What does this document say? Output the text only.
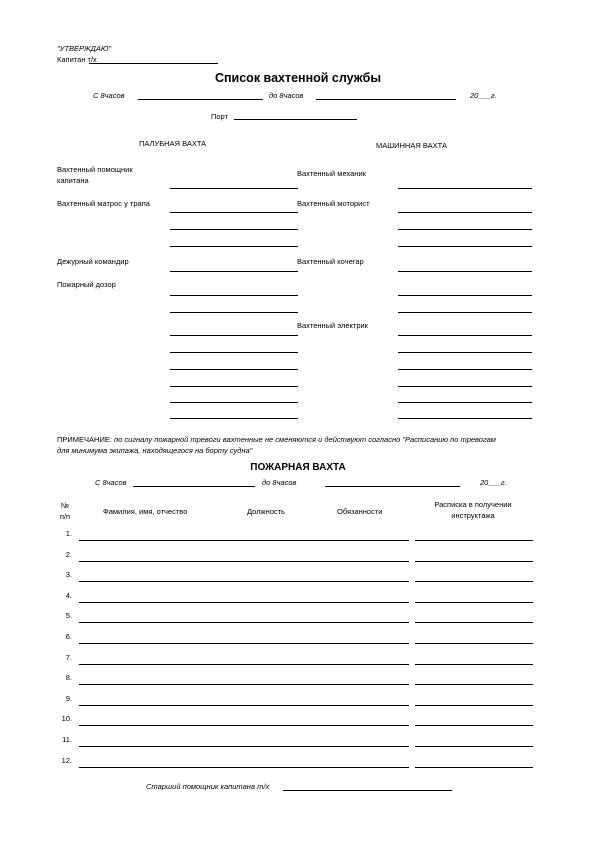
"УТВЕРЖДАЮ"
Капитан т/х
Список вахтенной службы
С 8часов	до 8часов	20___г.
Порт
ПАЛУБНАЯ ВАХТА	МАШИННАЯ ВАХТА
Вахтенный помощник капитана
Вахтенный матрос у трапа
Дежурный командир
Пожарный дозор
Вахтенный механик
Вахтенный моторист
Вахтенный кочегар
Вахтенный электрик
ПРИМЕЧАНИЕ: по сигналу пожарной тревоги вахтенные не сменяются и действуют согласно "Расписанию по тревогам
для минимума экипажа, находящегося на борту судна"
ПОЖАРНАЯ ВАХТА
С 8часов	до 8часов	20___г.
№
п/п
Фамилия, имя, отчество	Должность	Обязанности
Расписка в получении
инструктажа
1.
2.
3.
4.
5.
6.
7.
8.
9.
10.
11.
12.
Старший помощник капитана т/х
